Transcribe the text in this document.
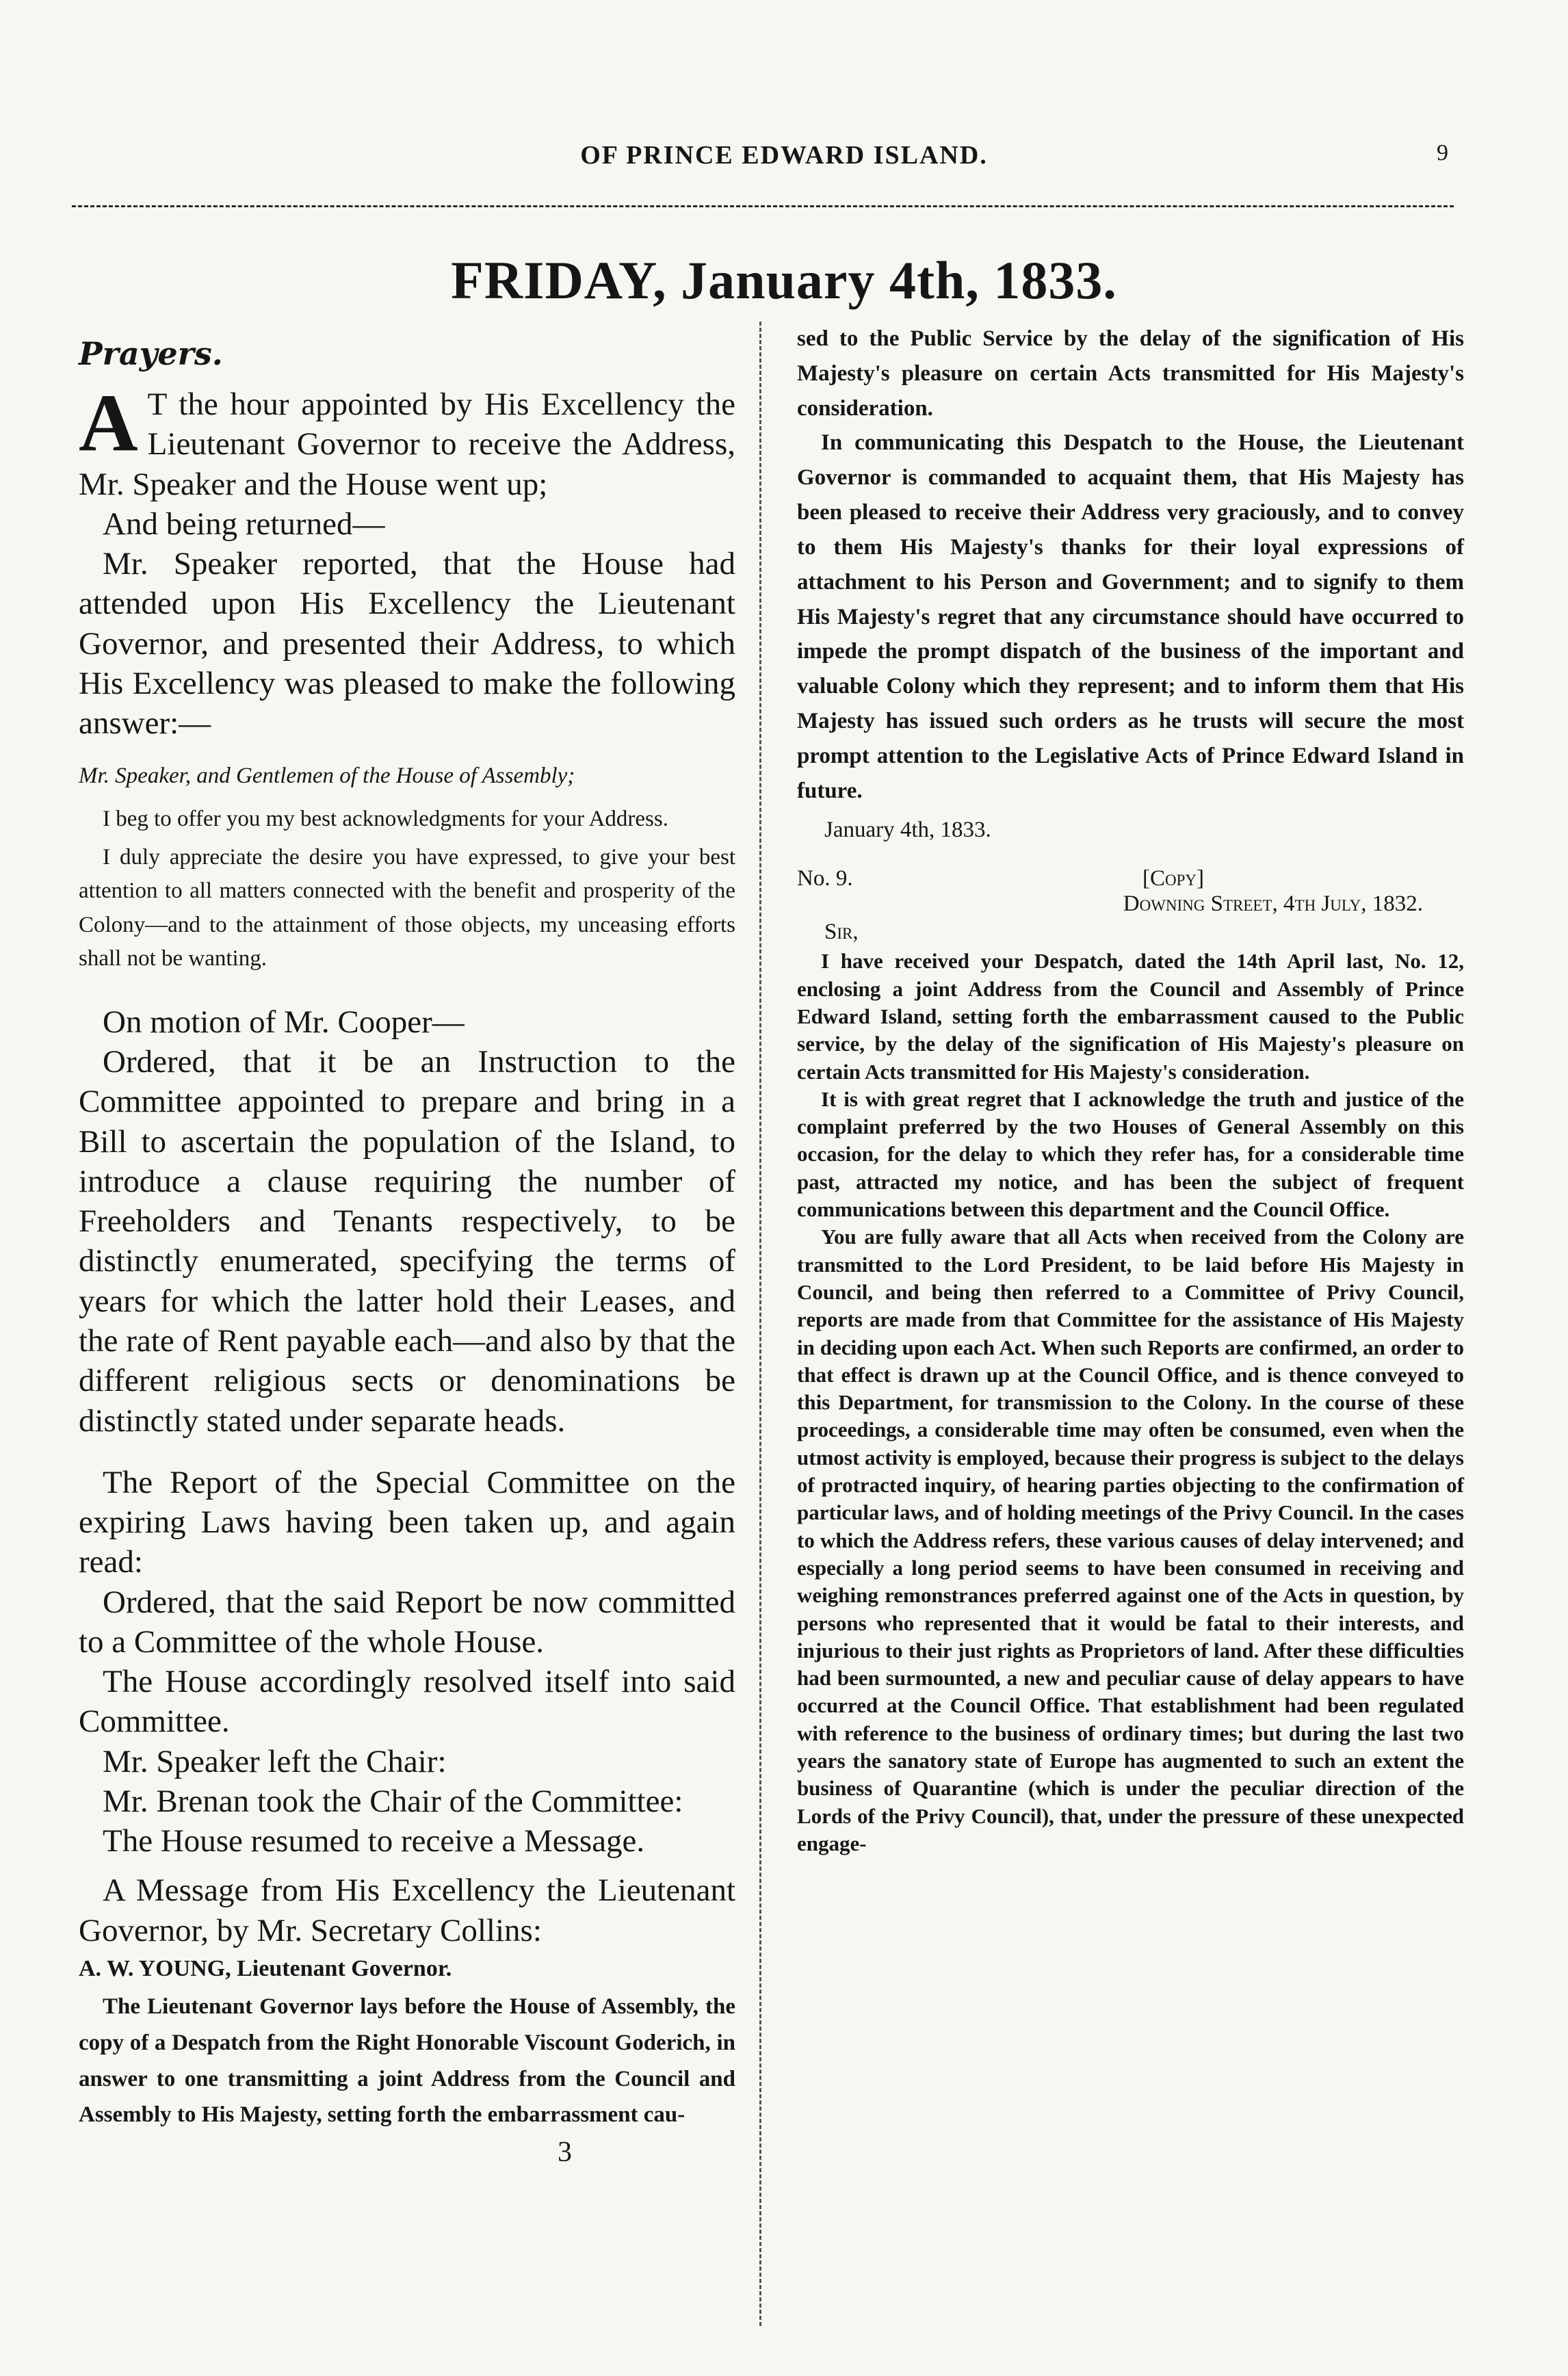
OF PRINCE EDWARD ISLAND.	9
FRIDAY, January 4th, 1833.
Prayers.

A T the hour appointed by His Excellency the Lieutenant Governor to receive the Address, Mr. Speaker and the House went up;

And being returned—

Mr. Speaker reported, that the House had attended upon His Excellency the Lieutenant Governor, and presented their Address, to which His Excellency was pleased to make the following answer:—

Mr. Speaker, and Gentlemen of the House of Assembly;

I beg to offer you my best acknowledgments for your Address.

I duly appreciate the desire you have expressed, to give your best attention to all matters connected with the benefit and prosperity of the Colony—and to the attainment of those objects, my unceasing efforts shall not be wanting.

On motion of Mr. Cooper—

Ordered, that it be an Instruction to the Committee appointed to prepare and bring in a Bill to ascertain the population of the Island, to introduce a clause requiring the number of Freeholders and Tenants respectively, to be distinctly enumerated, specifying the terms of years for which the latter hold their Leases, and the rate of Rent payable each—and also by that the different religious sects or denominations be distinctly stated under separate heads.

The Report of the Special Committee on the expiring Laws having been taken up, and again read:

Ordered, that the said Report be now committed to a Committee of the whole House.

The House accordingly resolved itself into said Committee.

Mr. Speaker left the Chair:

Mr. Brenan took the Chair of the Committee:

The House resumed to receive a Message.

A Message from His Excellency the Lieutenant Governor, by Mr. Secretary Collins:

A. W. YOUNG, Lieutenant Governor.

The Lieutenant Governor lays before the House of Assembly, the copy of a Despatch from the Right Honorable Viscount Goderich, in answer to one transmitting a joint Address from the Council and Assembly to His Majesty, setting forth the embarrassment cau-

3

sed to the Public Service by the delay of the signification of His Majesty's pleasure on certain Acts transmitted for His Majesty's consideration.

In communicating this Despatch to the House, the Lieutenant Governor is commanded to acquaint them, that His Majesty has been pleased to receive their Address very graciously, and to convey to them His Majesty's thanks for their loyal expressions of attachment to his Person and Government; and to signify to them His Majesty's regret that any circumstance should have occurred to impede the prompt dispatch of the business of the important and valuable Colony which they represent; and to inform them that His Majesty has issued such orders as he trusts will secure the most prompt attention to the Legislative Acts of Prince Edward Island in future.

January 4th, 1833.
No. 9.	[Copy]
Downing Street, 4th July, 1832.
Sir,

I have received your Despatch, dated the 14th April last, No. 12, enclosing a joint Address from the Council and Assembly of Prince Edward Island, setting forth the embarrassment caused to the Public service, by the delay of the signification of His Majesty's pleasure on certain Acts transmitted for His Majesty's consideration.

It is with great regret that I acknowledge the truth and justice of the complaint preferred by the two Houses of General Assembly on this occasion, for the delay to which they refer has, for a considerable time past, attracted my notice, and has been the subject of frequent communications between this department and the Council Office.

You are fully aware that all Acts when received from the Colony are transmitted to the Lord President, to be laid before His Majesty in Council, and being then referred to a Committee of Privy Council, reports are made from that Committee for the assistance of His Majesty in deciding upon each Act. When such Reports are confirmed, an order to that effect is drawn up at the Council Office, and is thence conveyed to this Department, for transmission to the Colony. In the course of these proceedings, a considerable time may often be consumed, even when the utmost activity is employed, because their progress is subject to the delays of protracted inquiry, of hearing parties objecting to the confirmation of particular laws, and of holding meetings of the Privy Council. In the cases to which the Address refers, these various causes of delay intervened; and especially a long period seems to have been consumed in receiving and weighing remonstrances preferred against one of the Acts in question, by persons who represented that it would be fatal to their interests, and injurious to their just rights as Proprietors of land. After these difficulties had been surmounted, a new and peculiar cause of delay appears to have occurred at the Council Office. That establishment had been regulated with reference to the business of ordinary times; but during the last two years the sanatory state of Europe has augmented to such an extent the business of Quarantine (which is under the peculiar direction of the Lords of the Privy Council), that, under the pressure of these unexpected engage-
